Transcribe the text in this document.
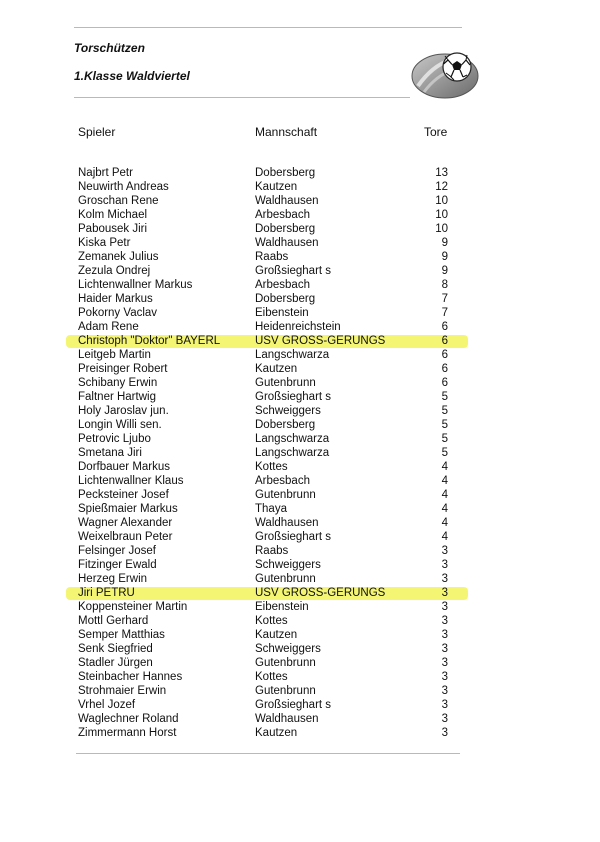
Torschützen
1.Klasse Waldviertel
Spieler	Mannschaft	Tore
Najbrt Petr	Dobersberg	13
Neuwirth Andreas	Kautzen	12
Groschan Rene	Waldhausen	10
Kolm Michael	Arbesbach	10
Pabousek Jiri	Dobersberg	10
Kiska Petr	Waldhausen	9
Zemanek Julius	Raabs	9
Zezula Ondrej	Großsieghart s	9
Lichtenwallner Markus	Arbesbach	8
Haider Markus	Dobersberg	7
Pokorny Vaclav	Eibenstein	7
Adam Rene	Heidenreichstein	6
Christoph "Doktor" BAYERL	USV GROSS-GERUNGS	6
Leitgeb Martin	Langschwarza	6
Preisinger Robert	Kautzen	6
Schibany Erwin	Gutenbrunn	6
Faltner Hartwig	Großsieghart s	5
Holy Jaroslav jun.	Schweiggers	5
Longin Willi sen.	Dobersberg	5
Petrovic Ljubo	Langschwarza	5
Smetana Jiri	Langschwarza	5
Dorfbauer Markus	Kottes	4
Lichtenwallner Klaus	Arbesbach	4
Pecksteiner Josef	Gutenbrunn	4
Spießmaier Markus	Thaya	4
Wagner Alexander	Waldhausen	4
Weixelbraun Peter	Großsieghart s	4
Felsinger Josef	Raabs	3
Fitzinger Ewald	Schweiggers	3
Herzeg Erwin	Gutenbrunn	3
Jiri PETRU	USV GROSS-GERUNGS	3
Koppensteiner Martin	Eibenstein	3
Mottl Gerhard	Kottes	3
Semper Matthias	Kautzen	3
Senk Siegfried	Schweiggers	3
Stadler Jürgen	Gutenbrunn	3
Steinbacher Hannes	Kottes	3
Strohmaier Erwin	Gutenbrunn	3
Vrhel Jozef	Großsieghart s	3
Waglechner Roland	Waldhausen	3
Zimmermann Horst	Kautzen	3
